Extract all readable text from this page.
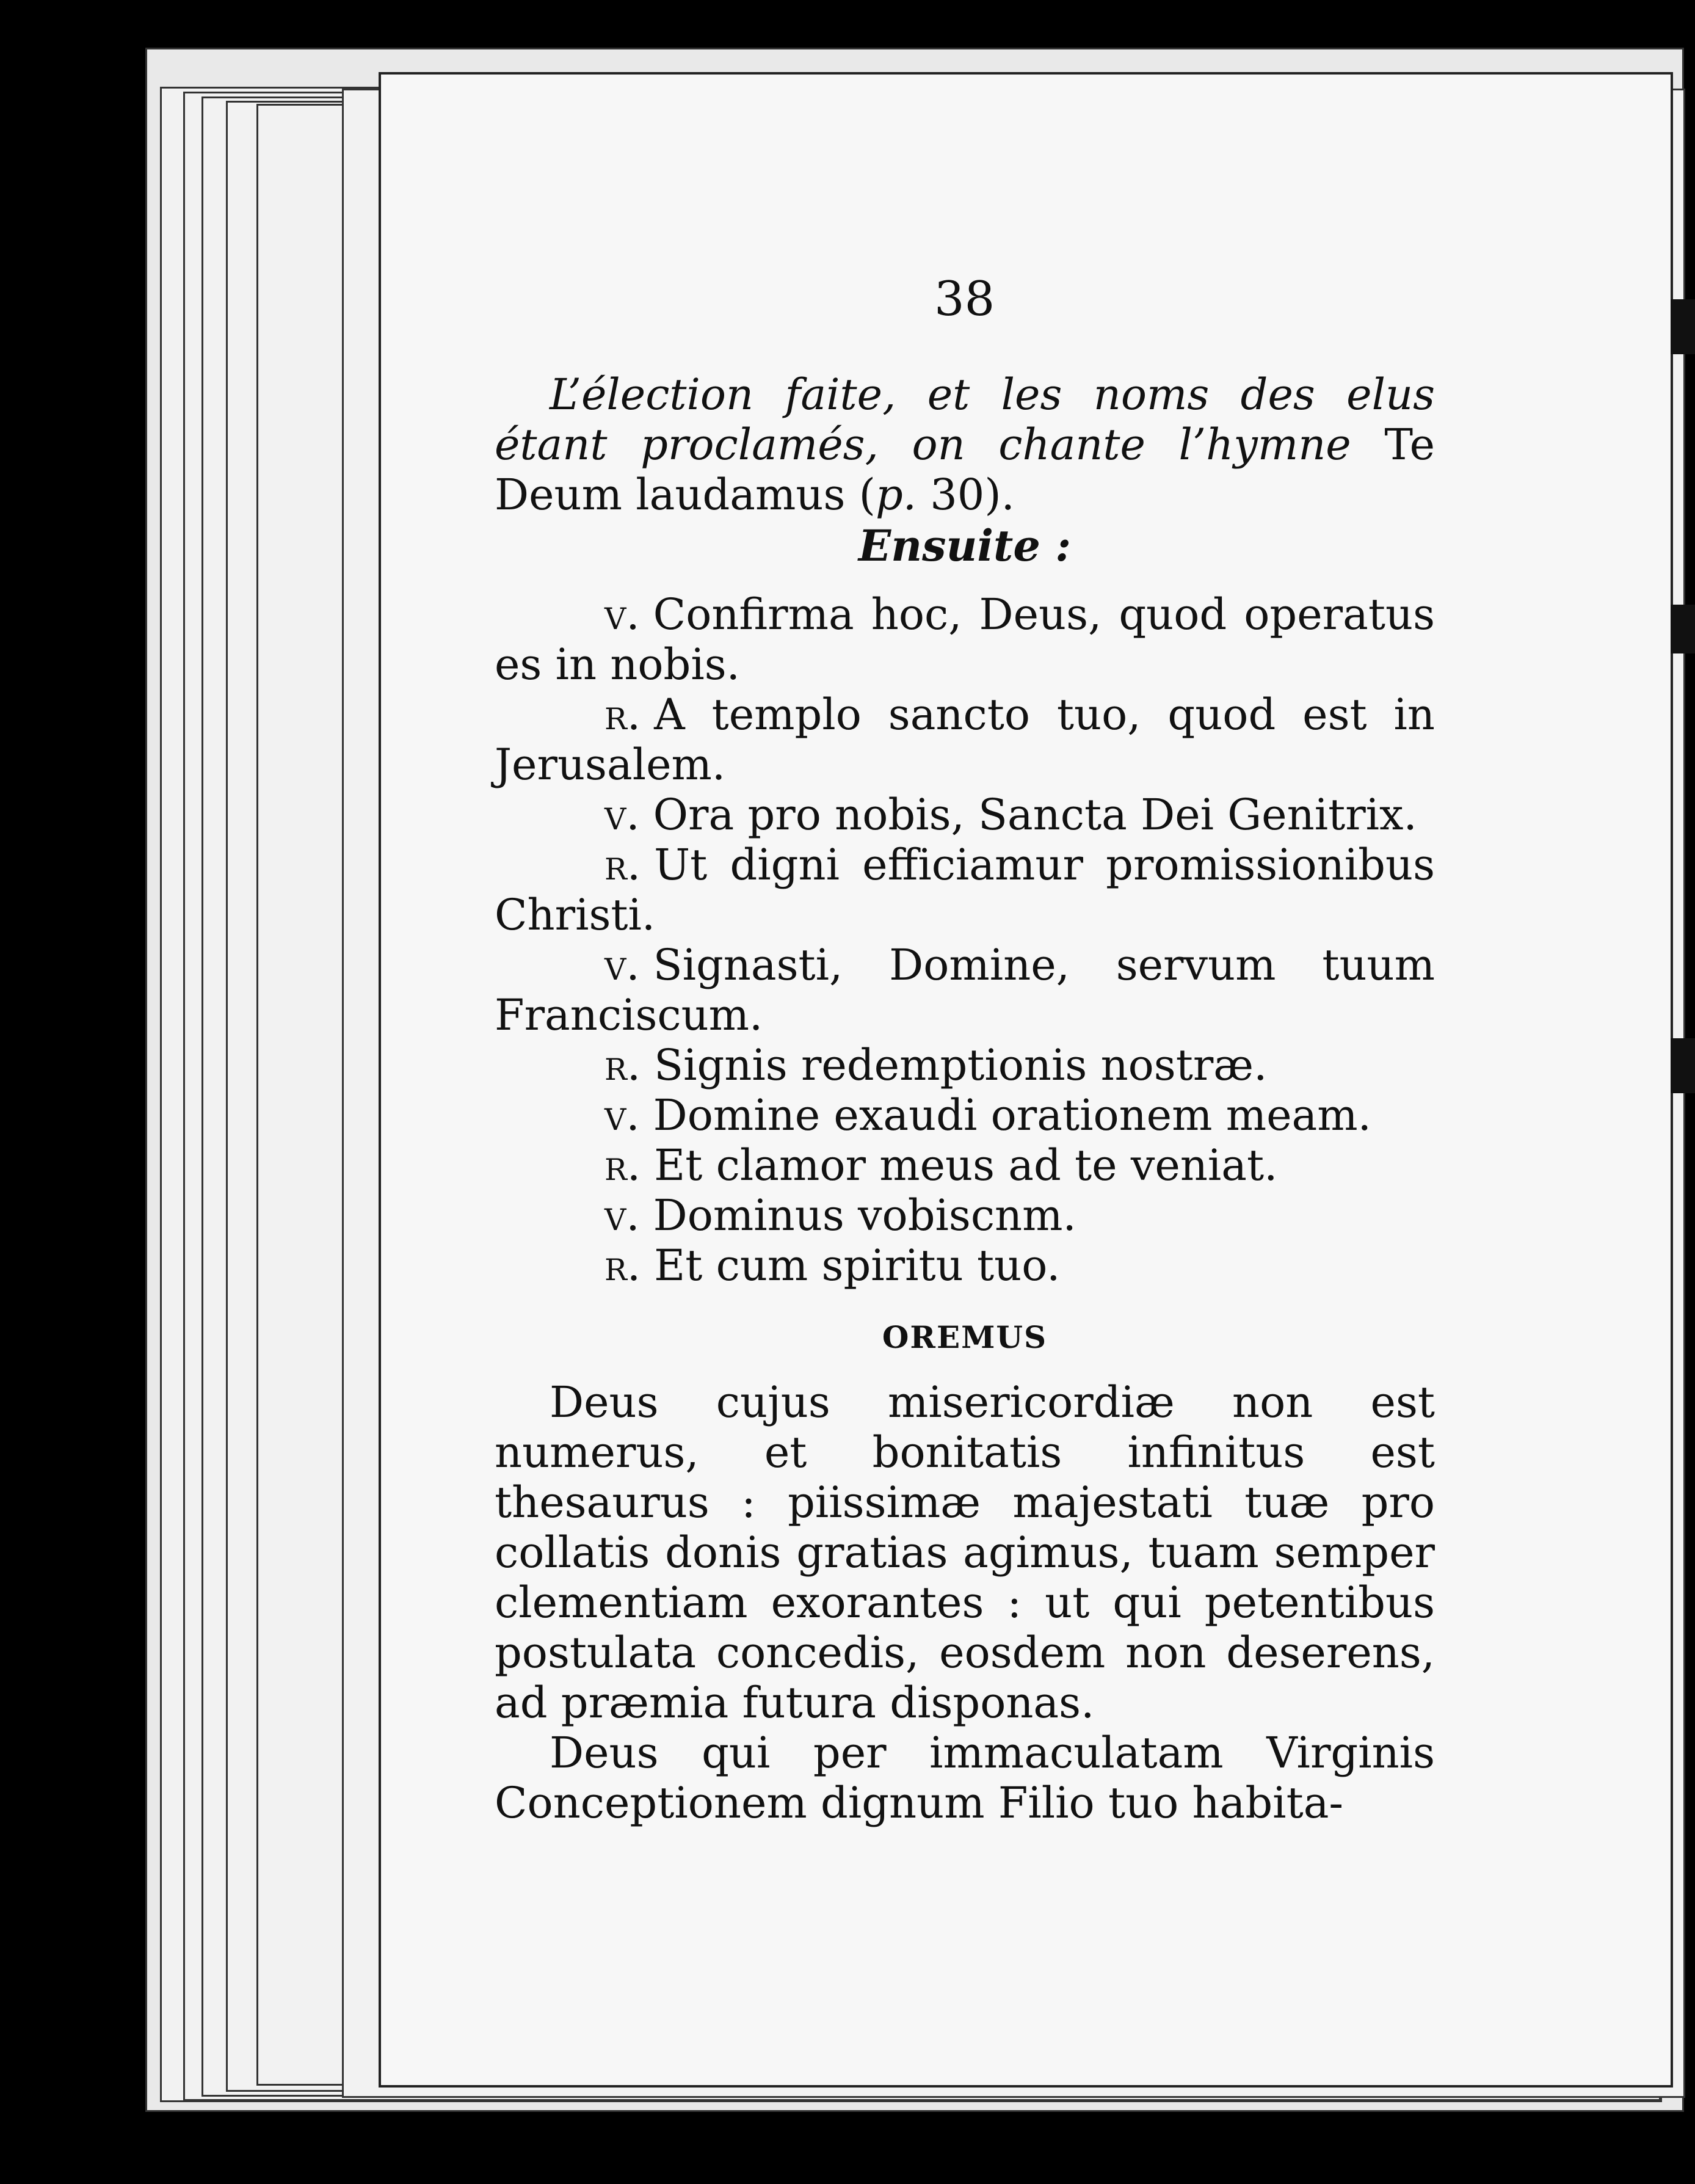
38

L’élection faite, et les noms des elus étant proclamés, on chante l’hymne Te Deum laudamus (p. 30).

Ensuite :

v. Confirma hoc, Deus, quod operatus es in nobis.

r. A templo sancto tuo, quod est in Jerusalem.

v. Ora pro nobis, Sancta Dei Genitrix.

r. Ut digni efficiamur promissionibus Christi.

v. Signasti, Domine, servum tuum Franciscum.

r. Signis redemptionis nostræ.

v. Domine exaudi orationem meam.

r. Et clamor meus ad te veniat.

v. Dominus vobiscnm.

r. Et cum spiritu tuo.

OREMUS

Deus cujus misericordiæ non est numerus, et bonitatis infinitus est thesaurus : piissimæ majestati tuæ pro collatis donis gratias agimus, tuam semper clementiam exorantes : ut qui petentibus postulata concedis, eosdem non deserens, ad præmia futura disponas.

Deus qui per immaculatam Virginis Conceptionem dignum Filio tuo habita-
